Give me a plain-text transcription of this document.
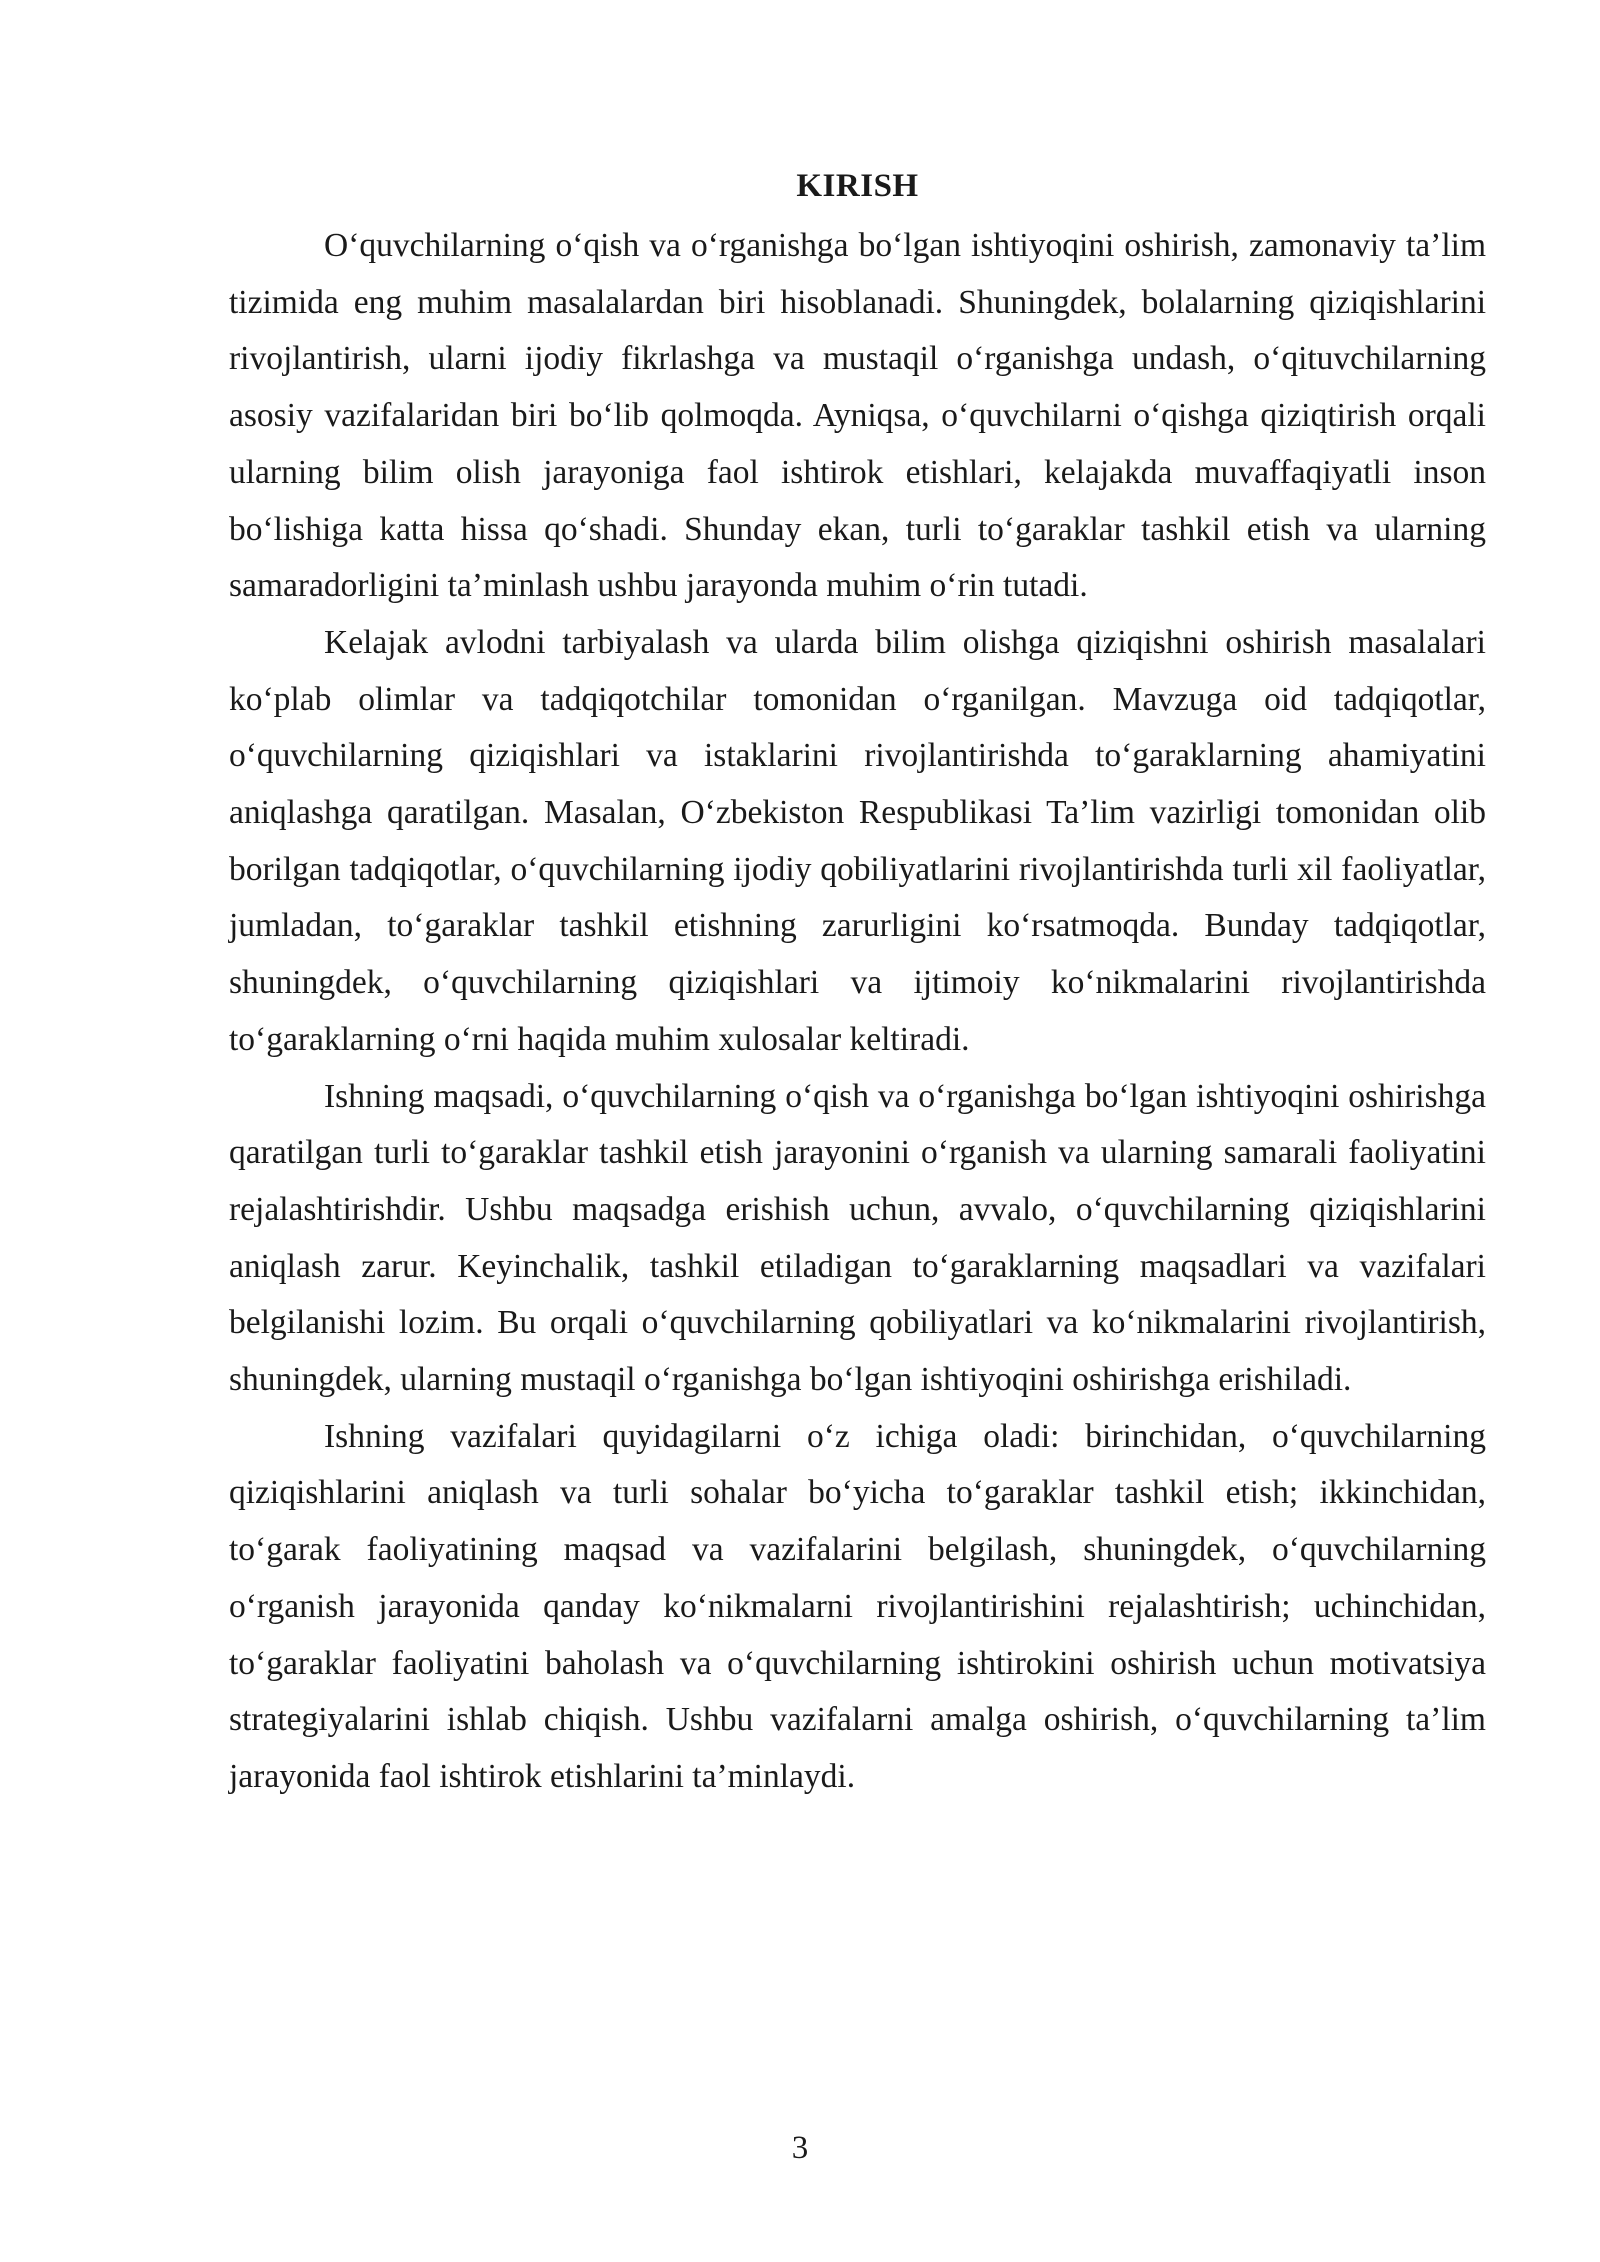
KIRISH

O‘quvchilarning o‘qish va o‘rganishga bo‘lgan ishtiyoqini oshirish, zamonaviy ta’lim tizimida eng muhim masalalardan biri hisoblanadi. Shuningdek, bolalarning qiziqishlarini rivojlantirish, ularni ijodiy fikrlashga va mustaqil o‘rganishga undash, o‘qituvchilarning asosiy vazifalaridan biri bo‘lib qolmoqda. Ayniqsa, o‘quvchilarni o‘qishga qiziqtirish orqali ularning bilim olish jarayoniga faol ishtirok etishlari, kelajakda muvaffaqiyatli inson bo‘lishiga katta hissa qo‘shadi. Shunday ekan, turli to‘garaklar tashkil etish va ularning samaradorligini ta’minlash ushbu jarayonda muhim o‘rin tutadi.

Kelajak avlodni tarbiyalash va ularda bilim olishga qiziqishni oshirish masalalari ko‘plab olimlar va tadqiqotchilar tomonidan o‘rganilgan. Mavzuga oid tadqiqotlar, o‘quvchilarning qiziqishlari va istaklarini rivojlantirishda to‘garaklarning ahamiyatini aniqlashga qaratilgan. Masalan, O‘zbekiston Respublikasi Ta’lim vazirligi tomonidan olib borilgan tadqiqotlar, o‘quvchilarning ijodiy qobiliyatlarini rivojlantirishda turli xil faoliyatlar, jumladan, to‘garaklar tashkil etishning zarurligini ko‘rsatmoqda. Bunday tadqiqotlar, shuningdek, o‘quvchilarning qiziqishlari va ijtimoiy ko‘nikmalarini rivojlantirishda to‘garaklarning o‘rni haqida muhim xulosalar keltiradi.

Ishning maqsadi, o‘quvchilarning o‘qish va o‘rganishga bo‘lgan ishtiyoqini oshirishga qaratilgan turli to‘garaklar tashkil etish jarayonini o‘rganish va ularning samarali faoliyatini rejalashtirishdir. Ushbu maqsadga erishish uchun, avvalo, o‘quvchilarning qiziqishlarini aniqlash zarur. Keyinchalik, tashkil etiladigan to‘garaklarning maqsadlari va vazifalari belgilanishi lozim. Bu orqali o‘quvchilarning qobiliyatlari va ko‘nikmalarini rivojlantirish, shuningdek, ularning mustaqil o‘rganishga bo‘lgan ishtiyoqini oshirishga erishiladi.

Ishning vazifalari quyidagilarni o‘z ichiga oladi: birinchidan, o‘quvchilarning qiziqishlarini aniqlash va turli sohalar bo‘yicha to‘garaklar tashkil etish; ikkinchidan, to‘garak faoliyatining maqsad va vazifalarini belgilash, shuningdek, o‘quvchilarning o‘rganish jarayonida qanday ko‘nikmalarni rivojlantirishini rejalashtirish; uchinchidan, to‘garaklar faoliyatini baholash va o‘quvchilarning ishtirokini oshirish uchun motivatsiya strategiyalarini ishlab chiqish. Ushbu vazifalarni amalga oshirish, o‘quvchilarning ta’lim jarayonida faol ishtirok etishlarini ta’minlaydi.

3
